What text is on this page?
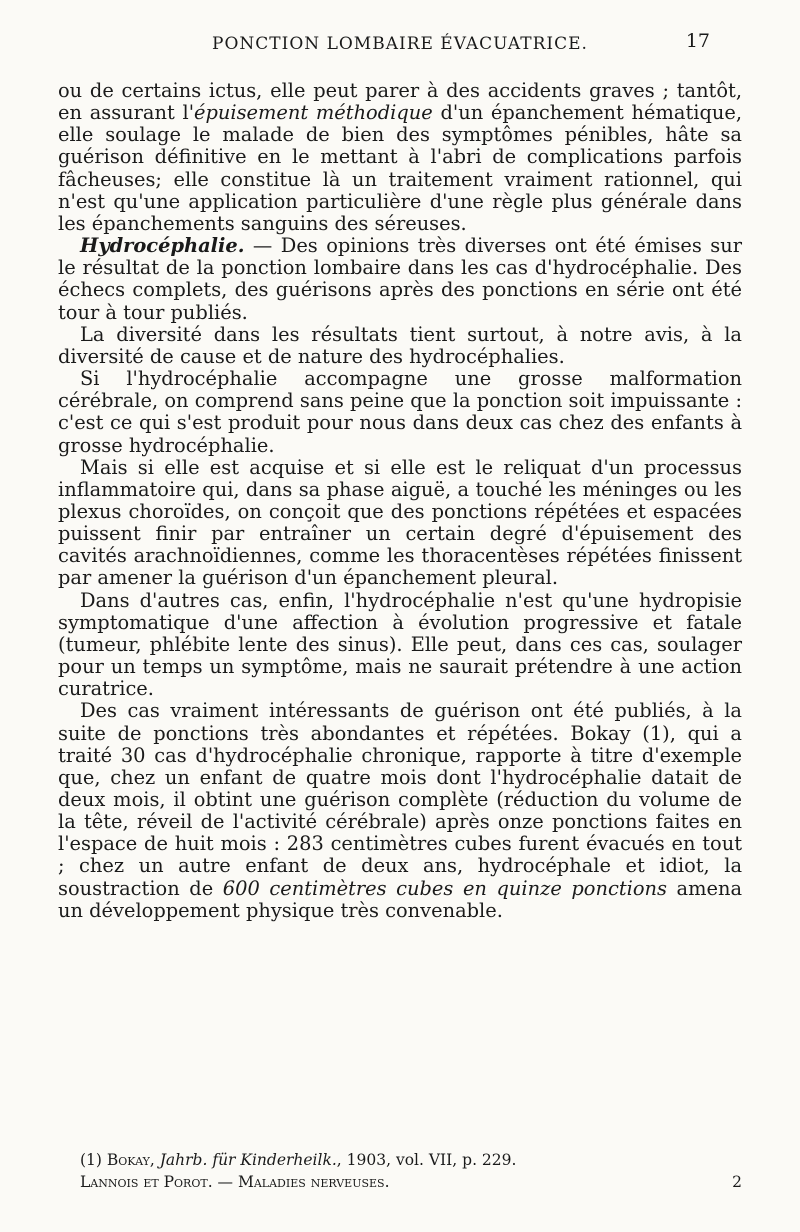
PONCTION LOMBAIRE ÉVACUATRICE.	17

ou de certains ictus, elle peut parer à des accidents graves ; tantôt, en assurant l'épuisement méthodique d'un épanchement hématique, elle soulage le malade de bien des symptômes pénibles, hâte sa guérison définitive en le mettant à l'abri de complications parfois fâcheuses; elle constitue là un traitement vraiment rationnel, qui n'est qu'une application particulière d'une règle plus générale dans les épanchements sanguins des séreuses.

Hydrocéphalie. — Des opinions très diverses ont été émises sur le résultat de la ponction lombaire dans les cas d'hydrocéphalie. Des échecs complets, des guérisons après des ponctions en série ont été tour à tour publiés.

La diversité dans les résultats tient surtout, à notre avis, à la diversité de cause et de nature des hydrocéphalies.

Si l'hydrocéphalie accompagne une grosse malformation cérébrale, on comprend sans peine que la ponction soit impuissante : c'est ce qui s'est produit pour nous dans deux cas chez des enfants à grosse hydrocéphalie.

Mais si elle est acquise et si elle est le reliquat d'un processus inflammatoire qui, dans sa phase aiguë, a touché les méninges ou les plexus choroïdes, on conçoit que des ponctions répétées et espacées puissent finir par entraîner un certain degré d'épuisement des cavités arachnoïdiennes, comme les thoracentèses répétées finissent par amener la guérison d'un épanchement pleural.

Dans d'autres cas, enfin, l'hydrocéphalie n'est qu'une hydropisie symptomatique d'une affection à évolution progressive et fatale (tumeur, phlébite lente des sinus). Elle peut, dans ces cas, soulager pour un temps un symptôme, mais ne saurait prétendre à une action curatrice.

Des cas vraiment intéressants de guérison ont été publiés, à la suite de ponctions très abondantes et répétées. Bokay (1), qui a traité 30 cas d'hydrocéphalie chronique, rapporte à titre d'exemple que, chez un enfant de quatre mois dont l'hydrocéphalie datait de deux mois, il obtint une guérison complète (réduction du volume de la tête, réveil de l'activité cérébrale) après onze ponctions faites en l'espace de huit mois : 283 centimètres cubes furent évacués en tout ; chez un autre enfant de deux ans, hydrocéphale et idiot, la soustraction de 600 centimètres cubes en quinze ponctions amena un développement physique très convenable.

(1) Bokay, Jahrb. für Kinderheilk., 1903, vol. VII, p. 229.

Lannois et Porot. — Maladies nerveuses.	2
